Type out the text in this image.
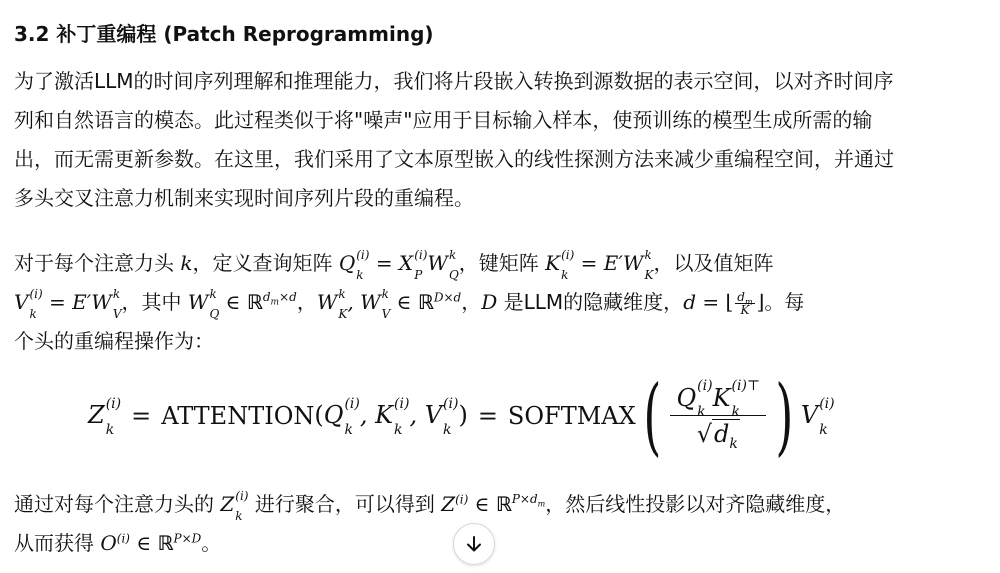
3.2 补丁重编程 (Patch Reprogramming)
为了激活LLM的时间序列理解和推理能力，我们将片段嵌入转换到源数据的表示空间，以对齐时间序
列和自然语言的模态。此过程类似于将"噪声"应用于目标输入样本，使预训练的模型生成所需的输
出，而无需更新参数。在这里，我们采用了文本原型嵌入的线性探测方法来减少重编程空间，并通过
多头交叉注意力机制来实现时间序列片段的重编程。
对于每个注意力头 k，定义查询矩阵 Q (i)
k = X (i)
P W k
Q ，键矩阵 K (i)
k = E′W k
K ，以及值矩阵
V (i)
k = E′W k
V ，其中 W k
Q ∈ ℝ$^{d_m\times d}$，W k
K , W k
V ∈ ℝ$^{D\times d}$，D 是LLM的隐藏维度，d = ⌊ $\frac{d_m}{K}$ ⌋。每
个头的重编程操作为：
通过对每个注意力头的 Z (i)
k 进行聚合，可以得到 $Z^{(i)}$ ∈ ℝ$^{P\times d_m}$，然后线性投影以对齐隐藏维度，
从而获得 $O^{(i)}$ ∈ ℝ$^{P\times D}$。
Z (i)
k = ATTENTION (Q (i)
k
, K (i)
k
, V (i)
k
) = SOFTMAX ( Q (i)
k
K (i)⊤
k
$√d_k$ ) V (i)
k
